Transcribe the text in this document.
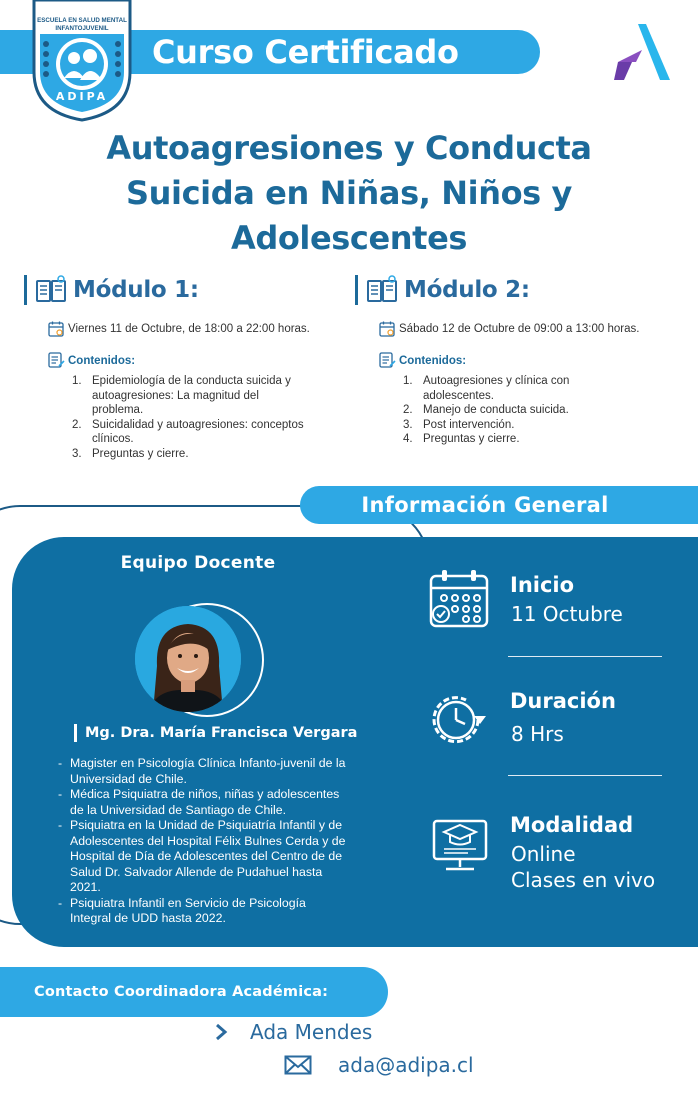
Curso Certificado
ESCUELA EN SALUD MENTAL
INFANTOJUVENIL
ADIPA
Autoagresiones y Conducta
Suicida en Niñas, Niños y
Adolescentes
Módulo 1:
Viernes 11 de Octubre, de 18:00 a 22:00 horas.
Contenidos:
1. Epidemiología de la conducta suicida y
autoagresiones: La magnitud del
problema.
2. Suicidalidad y autoagresiones: conceptos
clínicos.
3. Preguntas y cierre.
Módulo 2:
Sábado 12 de Octubre de 09:00 a 13:00 horas.
Contenidos:
1. Autoagresiones y clínica con
adolescentes.
2. Manejo de conducta suicida.
3. Post intervención.
4. Preguntas y cierre.
Información General
Equipo Docente
Mg. Dra. María Francisca Vergara
- Magister en Psicología Clínica Infanto-juvenil de la
Universidad de Chile.
- Médica Psiquiatra de niños, niñas y adolescentes
de la Universidad de Santiago de Chile.
- Psiquiatra en la Unidad de Psiquiatría Infantil y de
Adolescentes del Hospital Félix Bulnes Cerda y de
Hospital de Día de Adolescentes del Centro de de
Salud Dr. Salvador Allende de Pudahuel hasta
2021.
- Psiquiatra Infantil en Servicio de Psicología
Integral de UDD hasta 2022.
Inicio
11 Octubre
Duración
8 Hrs
Modalidad
Online
Clases en vivo
Contacto Coordinadora Académica:
Ada Mendes
ada@adipa.cl
